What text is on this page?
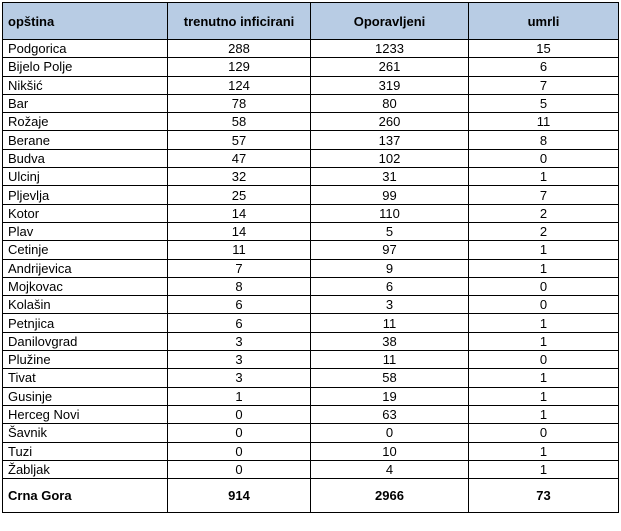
opština	trenutno inficirani	Oporavljeni	umrli
Podgorica	288	1233	15
Bijelo Polje	129	261	6
Nikšić	124	319	7
Bar	78	80	5
Rožaje	58	260	11
Berane	57	137	8
Budva	47	102	0
Ulcinj	32	31	1
Pljevlja	25	99	7
Kotor	14	110	2
Plav	14	5	2
Cetinje	11	97	1
Andrijevica	7	9	1
Mojkovac	8	6	0
Kolašin	6	3	0
Petnjica	6	11	1
Danilovgrad	3	38	1
Plužine	3	11	0
Tivat	3	58	1
Gusinje	1	19	1
Herceg Novi	0	63	1
Šavnik	0	0	0
Tuzi	0	10	1
Žabljak	0	4	1
Crna Gora	914	2966	73
